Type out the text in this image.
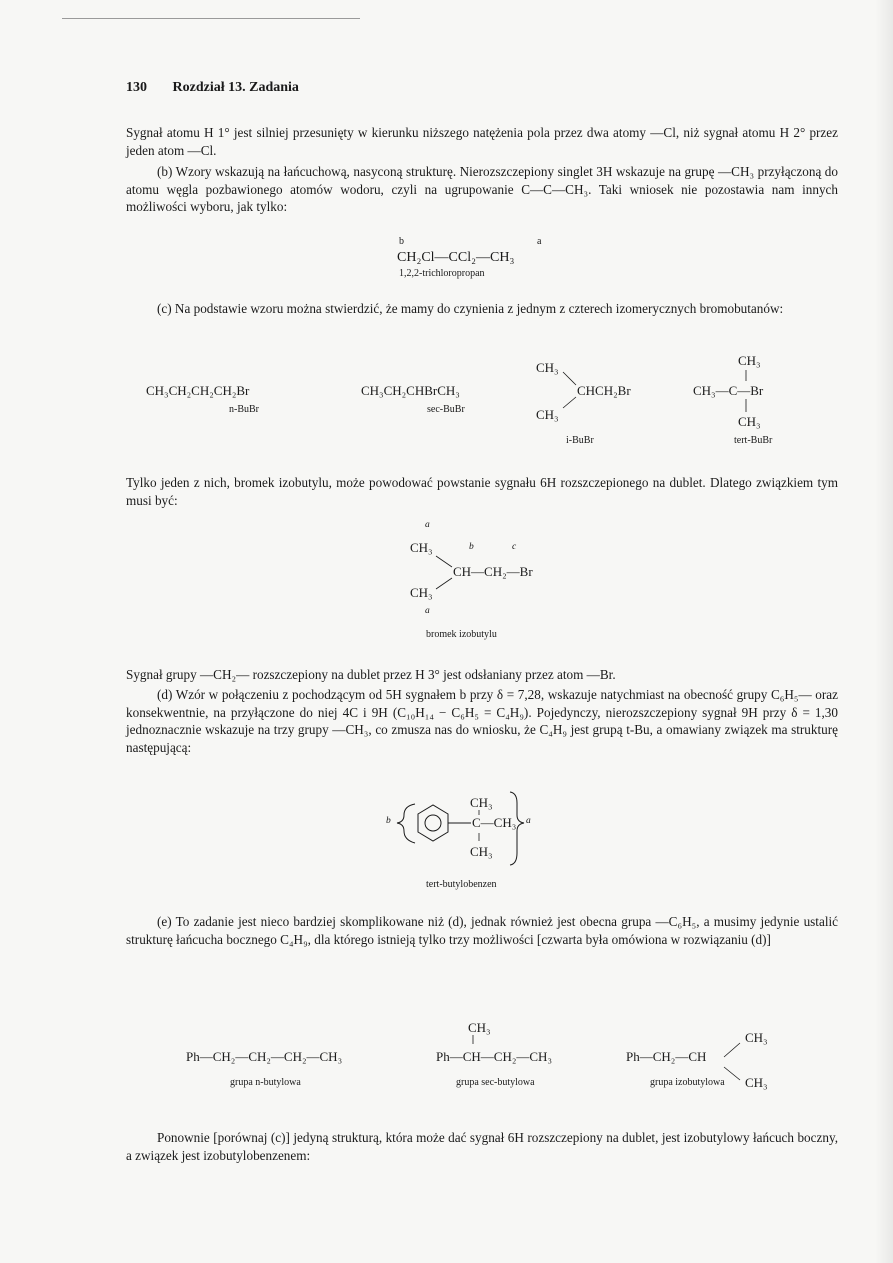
130 Rozdział 13. Zadania
Sygnał atomu H 1° jest silniej przesunięty w kierunku niższego natężenia pola przez dwa atomy —Cl, niż sygnał atomu H 2° przez jeden atom —Cl.
(b) Wzory wskazują na łańcuchową, nasyconą strukturę. Nierozszczepiony singlet 3H wskazuje na grupę —CH₃ przyłączoną do atomu węgla pozbawionego atomów wodoru, czyli na ugrupowanie C—C—CH₃. Taki wniosek nie pozostawia nam innych możliwości wyboru, jak tylko:
b	a
CH₂Cl—CCl₂—CH₃
1,2,2-trichloropropan
(c) Na podstawie wzoru można stwierdzić, że mamy do czynienia z jednym z czterech izomerycznych bromobutanów:
CH₃CH₂CH₂CH₂Br
n-BuBr
CH₃CH₂CHBrCH₃
sec-BuBr
CH₃
CHCH₂Br
CH₃
i-BuBr
CH₃
CH₃—C—Br
CH₃
tert-BuBr
Tylko jeden z nich, bromek izobutylu, może powodować powstanie sygnału 6H rozszczepionego na dublet. Dlatego związkiem tym musi być:
a
CH₃	b	c
CH—CH₂—Br
CH₃
a
bromek izobutylu
Sygnał grupy —CH₂— rozszczepiony na dublet przez H 3° jest odsłaniany przez atom —Br.
(d) Wzór w połączeniu z pochodzącym od 5H sygnałem b przy δ = 7,28, wskazuje natychmiast na obecność grupy C₆H₅— oraz konsekwentnie, na przyłączone do niej 4C i 9H (C₁₀H₁₄ − C₆H₅ = C₄H₉). Pojedynczy, nierozszczepiony sygnał 9H przy δ = 1,30 jednoznacznie wskazuje na trzy grupy —CH₃, co zmusza nas do wniosku, że C₄H₉ jest grupą t-Bu, a omawiany związek ma strukturę następującą:
b
CH₃
C—CH₃
CH₃
a
tert-butylobenzen
(e) To zadanie jest nieco bardziej skomplikowane niż (d), jednak również jest obecna grupa —C₆H₅, a musimy jedynie ustalić strukturę łańcucha bocznego C₄H₉, dla którego istnieją tylko trzy możliwości [czwarta była omówiona w rozwiązaniu (d)]
Ph—CH₂—CH₂—CH₂—CH₃
grupa n-butylowa
CH₃
Ph—CH—CH₂—CH₃
grupa sec-butylowa
CH₃
Ph—CH₂—CH
CH₃
grupa izobutylowa
Ponownie [porównaj (c)] jedyną strukturą, która może dać sygnał 6H rozszczepiony na dublet, jest izobutylowy łańcuch boczny, a związek jest izobutylobenzenem:
